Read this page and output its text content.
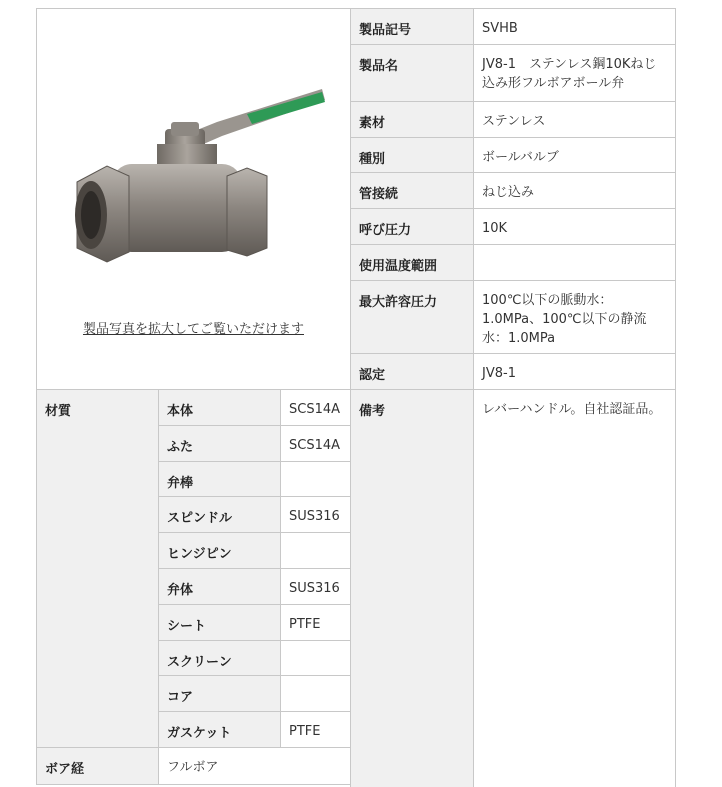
製品写真を拡大してご覧いただけます
製品記号	SVHB
製品名	JV8-1　ステンレス鋼10Kねじ込み形フルボアボール弁
素材	ステンレス
種別	ボールバルブ
管接続	ねじ込み
呼び圧力	10K
使用温度範囲
最大許容圧力	100℃以下の脈動水：1.0MPa、100℃以下の静流水：1.0MPa
認定	JV8-1
材質	本体	SCS14A
ふた	SCS14A
弁棒
スピンドル	SUS316
ヒンジピン
弁体	SUS316
シート	PTFE
スクリーン
コア
ガスケット	PTFE
備考	レバーハンドル。自社認証品。
ボア経	フルボア
